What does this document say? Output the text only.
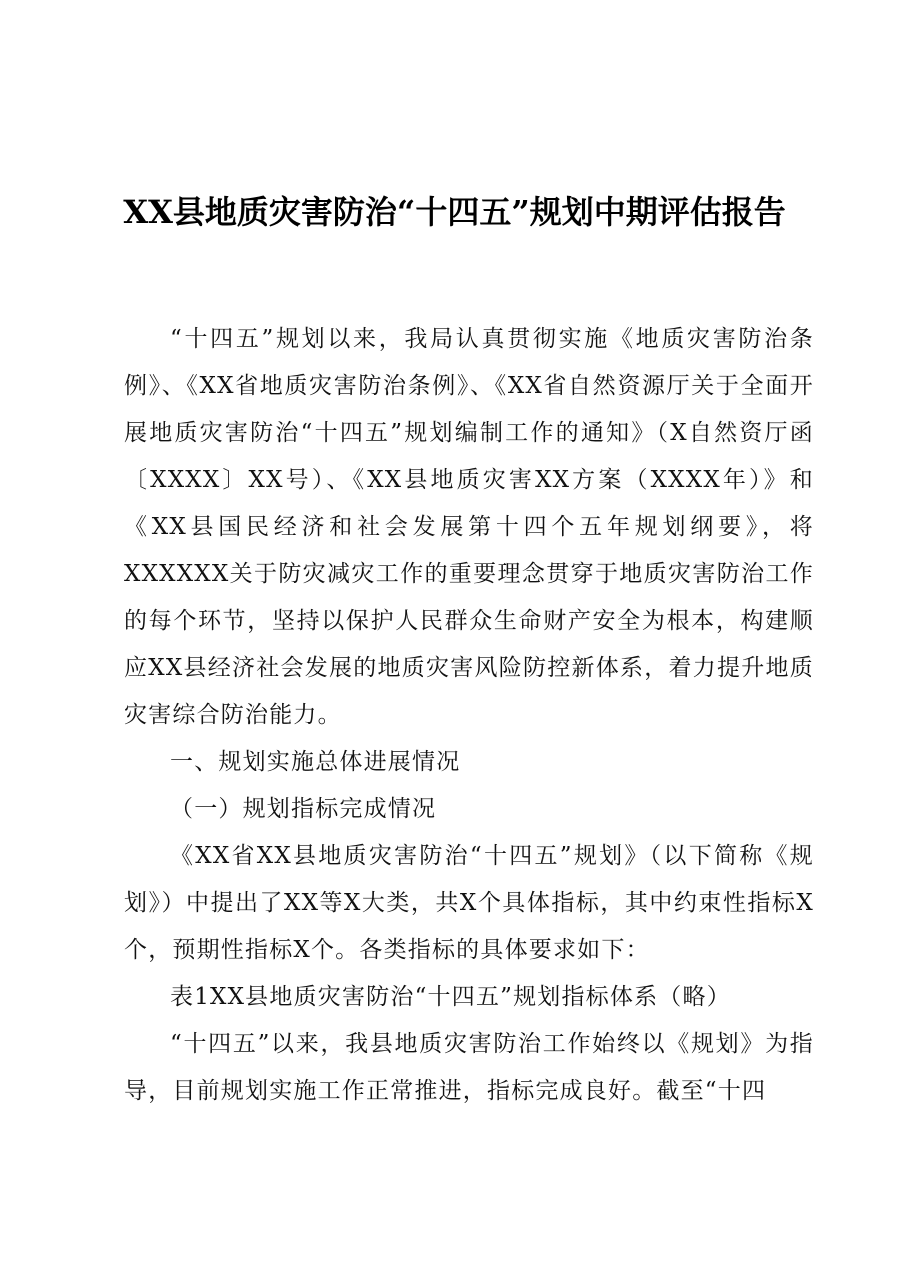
XX县地质灾害防治“十四五”规划中期评估报告

“十四五”规划以来，我局认真贯彻实施《地质灾害防治条例》、《XX省地质灾害防治条例》、《XX省自然资源厅关于全面开展地质灾害防治“十四五”规划编制工作的通知》（X自然资厅函〔XXXX〕XX号）、《XX县地质灾害XX方案（XXXX年）》和《XX县国民经济和社会发展第十四个五年规划纲要》，将XXXXXX关于防灾减灾工作的重要理念贯穿于地质灾害防治工作的每个环节，坚持以保护人民群众生命财产安全为根本，构建顺应XX县经济社会发展的地质灾害风险防控新体系，着力提升地质灾害综合防治能力。

一、规划实施总体进展情况

（一）规划指标完成情况

《XX省XX县地质灾害防治“十四五”规划》（以下简称《规划》）中提出了XX等X大类，共X个具体指标，其中约束性指标X个，预期性指标X个。各类指标的具体要求如下：

表1XX县地质灾害防治“十四五”规划指标体系（略）

“十四五”以来，我县地质灾害防治工作始终以《规划》为指导，目前规划实施工作正常推进，指标完成良好。截至“十四
